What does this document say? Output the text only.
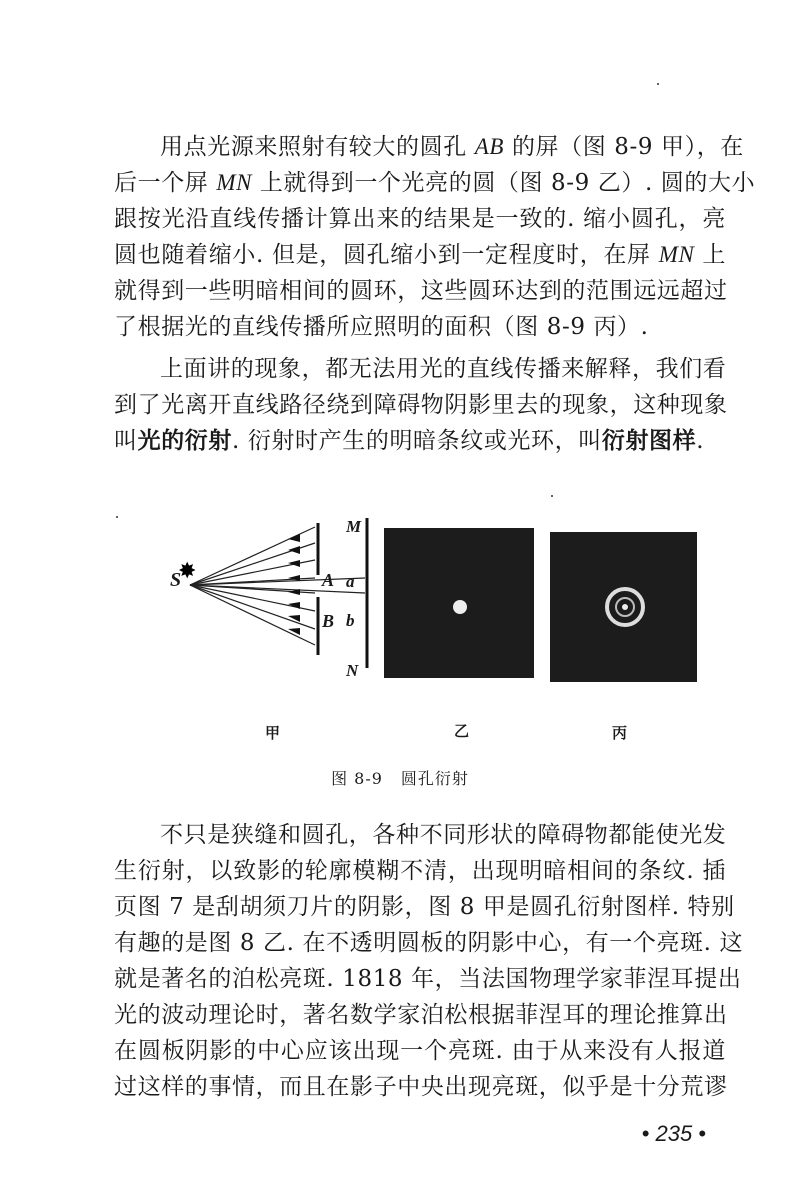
用点光源来照射有较大的圆孔 AB 的屏（图 8-9 甲），在
后一个屏 MN 上就得到一个光亮的圆（图 8-9 乙）. 圆的大小
跟按光沿直线传播计算出来的结果是一致的. 缩小圆孔，亮
圆也随着缩小. 但是，圆孔缩小到一定程度时，在屏 MN 上
就得到一些明暗相间的圆环，这些圆环达到的范围远远超过
了根据光的直线传播所应照明的面积（图 8-9 丙）.
上面讲的现象，都无法用光的直线传播来解释，我们看
到了光离开直线路径绕到障碍物阴影里去的现象，这种现象
叫光的衍射. 衍射时产生的明暗条纹或光环，叫衍射图样.
不只是狭缝和圆孔，各种不同形状的障碍物都能使光发
生衍射，以致影的轮廓模糊不清，出现明暗相间的条纹. 插
页图 7 是刮胡须刀片的阴影，图 8 甲是圆孔衍射图样. 特别
有趣的是图 8 乙. 在不透明圆板的阴影中心，有一个亮斑. 这
就是著名的泊松亮斑. 1818 年，当法国物理学家菲涅耳提出
光的波动理论时，著名数学家泊松根据菲涅耳的理论推算出
在圆板阴影的中心应该出现一个亮斑. 由于从来没有人报道
过这样的事情，而且在影子中央出现亮斑，似乎是十分荒谬
✸
S	A
B
a
b
M
N
甲	乙	丙
图 8-9 圆孔衍射
• 235 •
